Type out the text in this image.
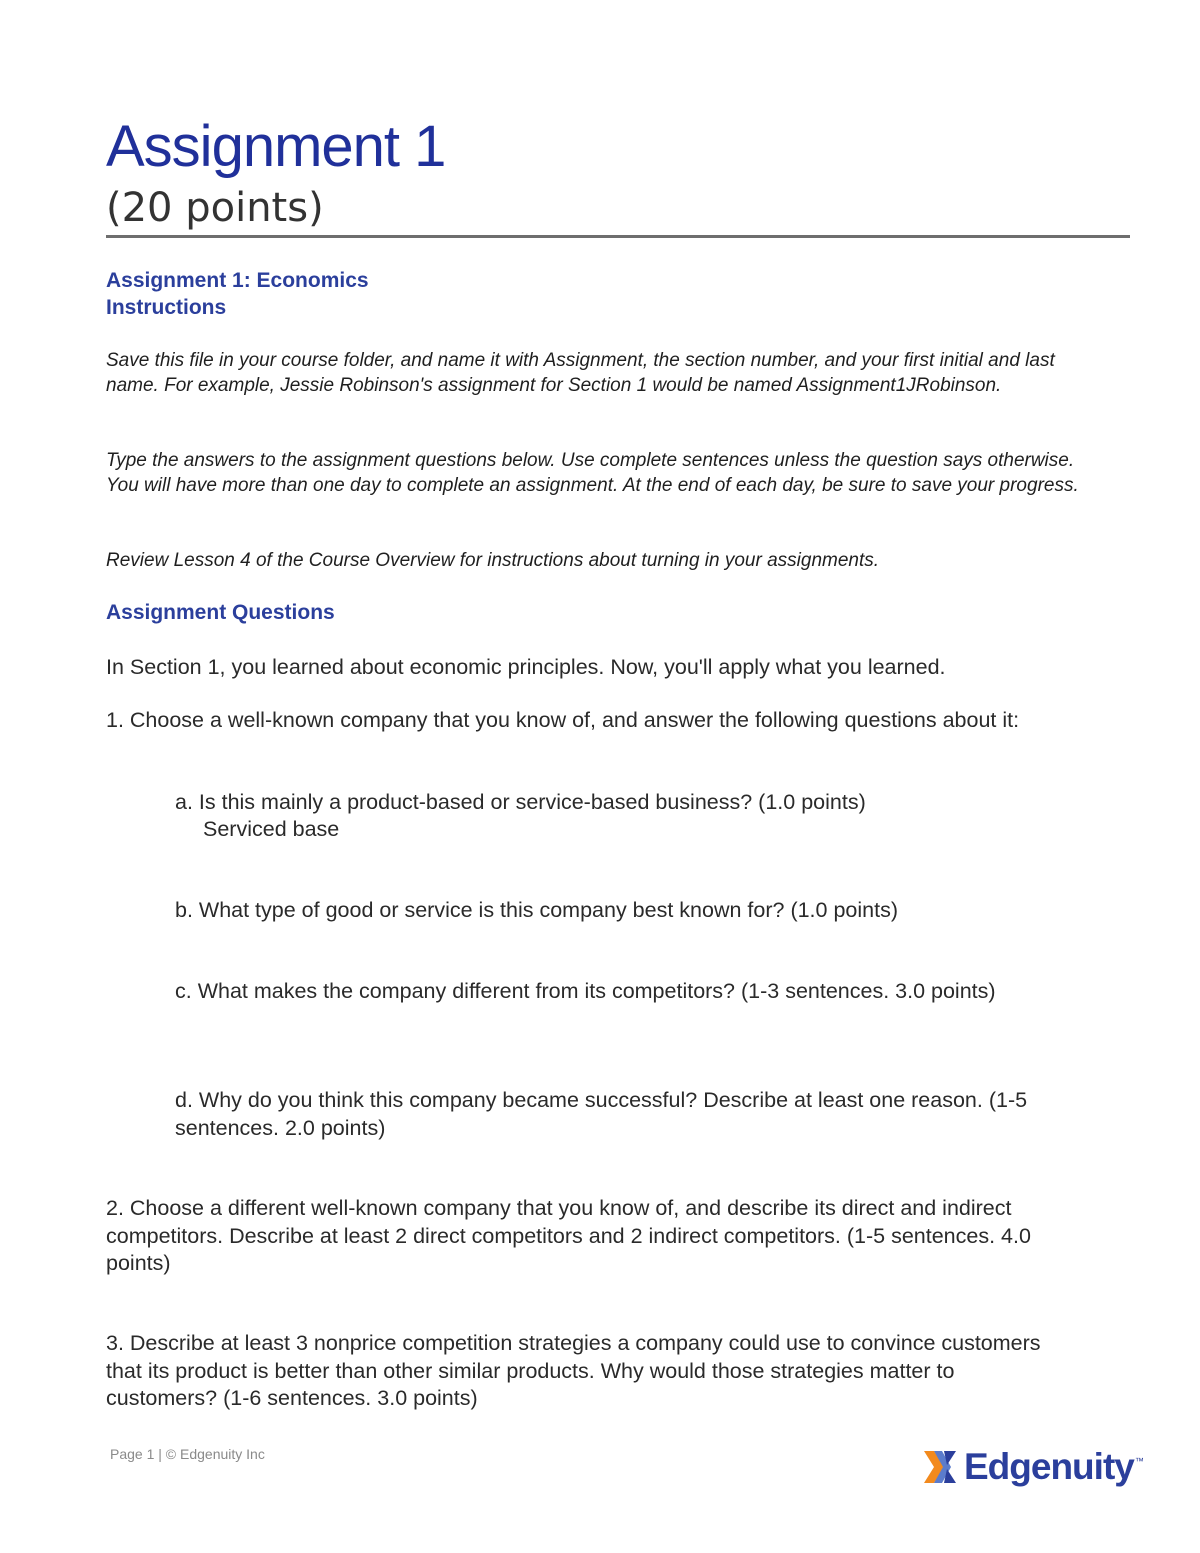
Assignment 1
(20 points)
Assignment 1: Economics
Instructions
Save this file in your course folder, and name it with Assignment, the section number, and your first initial and last name. For example, Jessie Robinson's assignment for Section 1 would be named Assignment1JRobinson.
Type the answers to the assignment questions below. Use complete sentences unless the question says otherwise. You will have more than one day to complete an assignment. At the end of each day, be sure to save your progress.
Review Lesson 4 of the Course Overview for instructions about turning in your assignments.
Assignment Questions
In Section 1, you learned about economic principles. Now, you'll apply what you learned.
1. Choose a well-known company that you know of, and answer the following questions about it:
a. Is this mainly a product-based or service-based business? (1.0 points)
Serviced base
b. What type of good or service is this company best known for? (1.0 points)
c. What makes the company different from its competitors? (1-3 sentences. 3.0 points)
d. Why do you think this company became successful? Describe at least one reason. (1-5 sentences. 2.0 points)
2. Choose a different well-known company that you know of, and describe its direct and indirect competitors. Describe at least 2 direct competitors and 2 indirect competitors. (1-5 sentences. 4.0 points)
3. Describe at least 3 nonprice competition strategies a company could use to convince customers that its product is better than other similar products. Why would those strategies matter to customers? (1-6 sentences. 3.0 points)
Page 1 | © Edgenuity Inc	Edgenuity ™
